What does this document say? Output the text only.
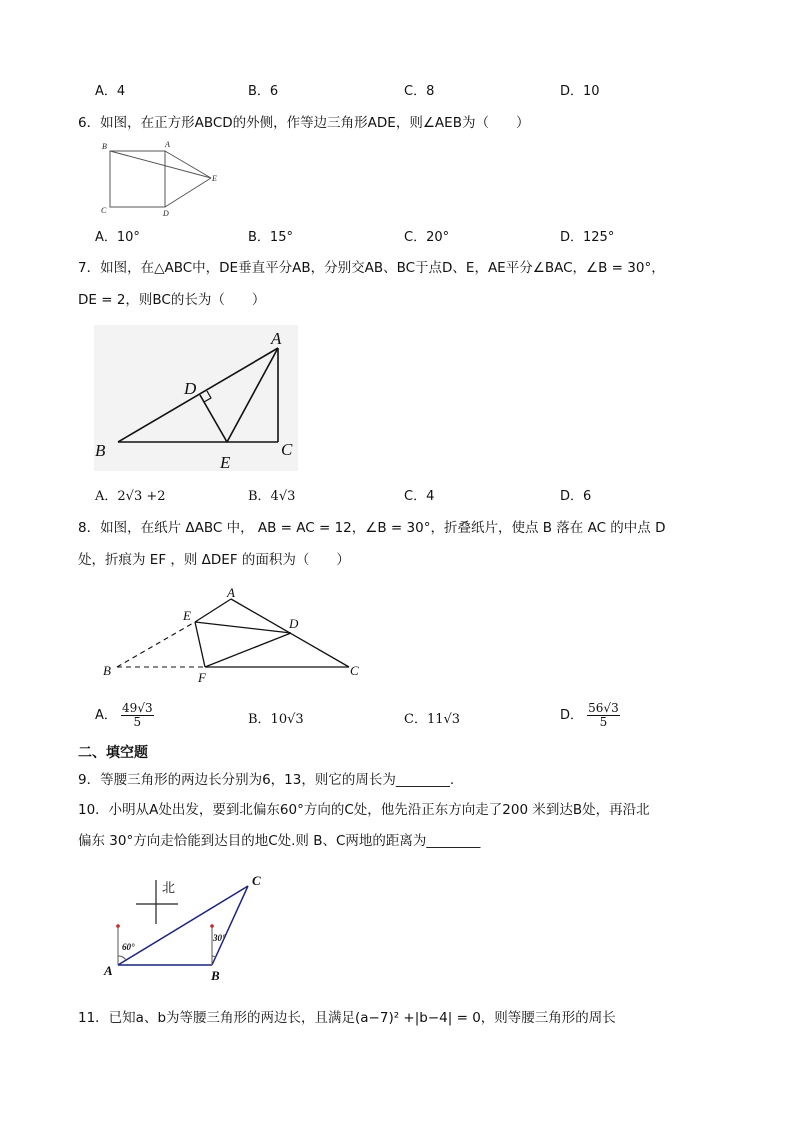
A．4	B．6	C．8	D．10
6．如图，在正方形ABCD的外侧，作等边三角形ADE，则∠AEB为（　　）
B	A
E
C	D
A．10°	B．15°	C．20°	D．125°
7．如图，在△ABC中，DE垂直平分AB，分别交AB、BC于点D、E，AE平分∠BAC，∠B = 30°，
DE = 2，则BC的长为（　　）
A
D
B
E
C
A．2√3 +2	B．4√3	C．4	D．6
8．如图，在纸片 ΔABC 中， AB = AC = 12，∠B = 30°，折叠纸片，使点 B 落在 AC 的中点 D
处，折痕为 EF ，则 ΔDEF 的面积为（　　）
A
E
D
B	F	C
A． $\frac{49√3}{5}$	B．10√3	C．11√3	D． $\frac{56√3}{5}$
二、填空题
9．等腰三角形的两边长分别为6，13，则它的周长为________.
10．小明从A处出发，要到北偏东60°方向的C处，他先沿正东方向走了200 米到达B处，再沿北
偏东 30°方向走恰能到达目的地C处.则 B、C两地的距离为________
北	C
60°
30°
A	B
11．已知a、b为等腰三角形的两边长，且满足(a−7)² +|b−4| = 0，则等腰三角形的周长
